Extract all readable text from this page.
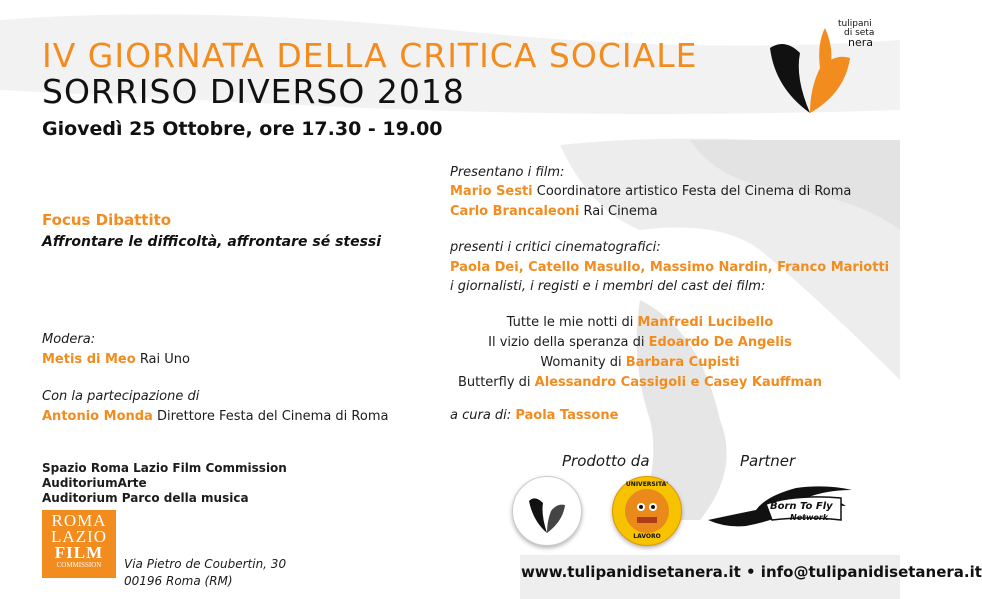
tulipani
di seta
nera
IV GIORNATA DELLA CRITICA SOCIALE
SORRISO DIVERSO 2018
Giovedì 25 Ottobre, ore 17.30 - 19.00
Focus Dibattito
Affrontare le difficoltà, affrontare sé stessi
Modera:
Metis di Meo Rai Uno
Con la partecipazione di
Antonio Monda Direttore Festa del Cinema di Roma
Spazio Roma Lazio Film Commission
AuditoriumArte
Auditorium Parco della musica
ROMA
LAZIO
FILM
COMMISSION	Via Pietro de Coubertin, 30
00196 Roma (RM)
Presentano i film:
Mario Sesti Coordinatore artistico Festa del Cinema di Roma
Carlo Brancaleoni Rai Cinema
presenti i critici cinematografici:
Paola Dei, Catello Masullo, Massimo Nardin, Franco Mariotti
i giornalisti, i registi e i membri del cast dei film:
Tutte le mie notti di Manfredi Lucibello
Il vizio della speranza di Edoardo De Angelis
Womanity di Barbara Cupisti
Butterfly di Alessandro Cassigoli e Casey Kauffman
a cura di: Paola Tassone
Prodotto da	Partner
UNIVERSITA'
LAVORO
Born To Fly
Network
www.tulipanidisetanera.it • info@tulipanidisetanera.it
